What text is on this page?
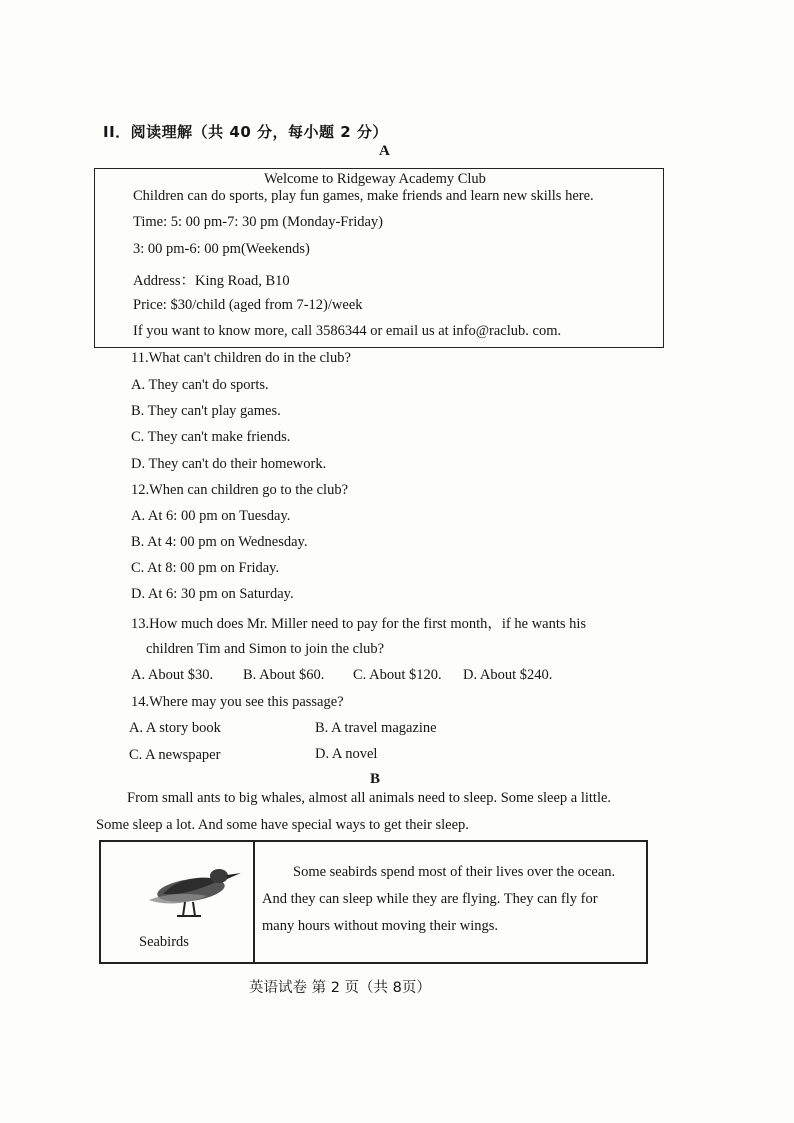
II．阅读理解（共 40 分，每小题 2 分）
A
Welcome to Ridgeway Academy Club
Children can do sports, play fun games, make friends and learn new skills here.
Time: 5: 00 pm-7: 30 pm (Monday-Friday)
3: 00 pm-6: 00 pm(Weekends)
Address：King Road, B10
Price: $30/child (aged from 7-12)/week
If you want to know more, call 3586344 or email us at info@raclub. com.
11.What can't children do in the club?
A. They can't do sports.
B. They can't play games.
C. They can't make friends.
D. They can't do their homework.
12.When can children go to the club?
A. At 6: 00 pm on Tuesday.
B. At 4: 00 pm on Wednesday.
C. At 8: 00 pm on Friday.
D. At 6: 30 pm on Saturday.
13.How much does Mr. Miller need to pay for the first month，if he wants his
children Tim and Simon to join the club?
A. About $30. B. About $60. C. About $120. D. About $240.
14.Where may you see this passage?
A. A story book	B. A travel magazine
C. A newspaper	D. A novel
B
From small ants to big whales, almost all animals need to sleep. Some sleep a little.
Some sleep a lot. And some have special ways to get their sleep.
Seabirds
Some seabirds spend most of their lives over the ocean.
And they can sleep while they are flying. They can fly for
many hours without moving their wings.
英语试卷 第 2 页（共 8页）
